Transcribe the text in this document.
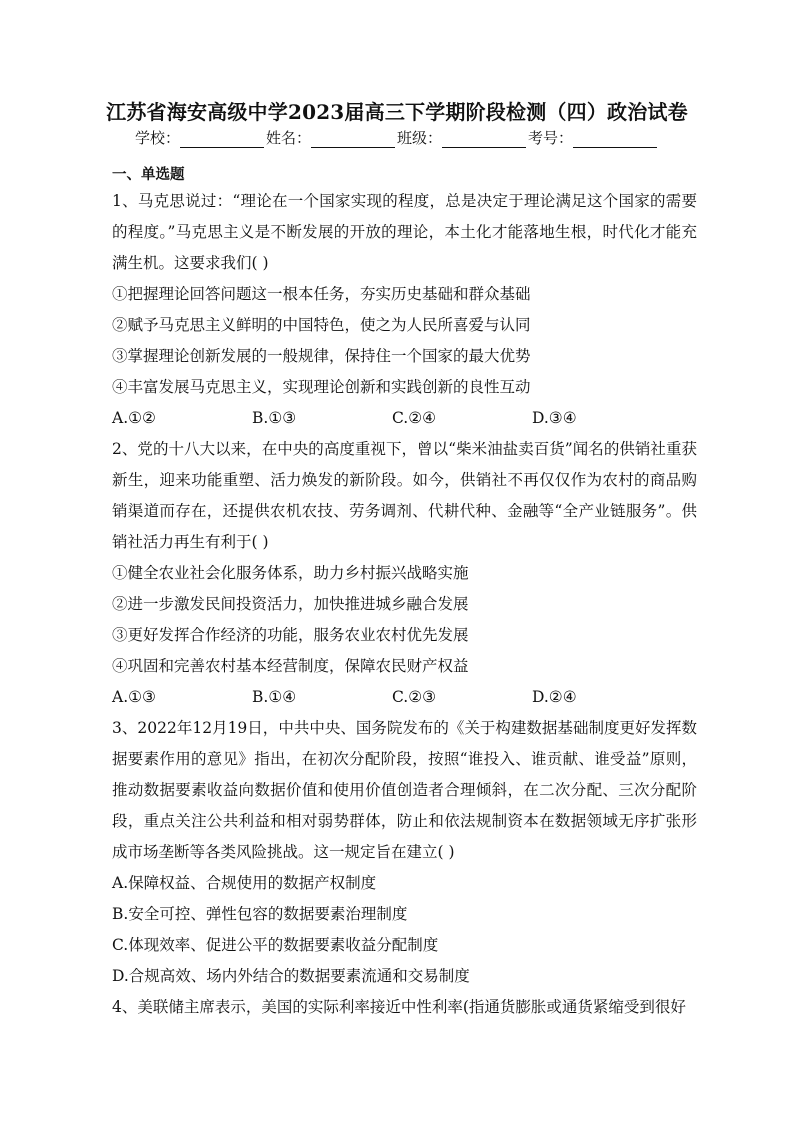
江苏省海安高级中学2023届高三下学期阶段检测（四）政治试卷
学校：	姓名：	班级：	考号：

一、单选题

1、马克思说过：“理论在一个国家实现的程度，总是决定于理论满足这个国家的需要的程度。”马克思主义是不断发展的开放的理论，本土化才能落地生根，时代化才能充满生机。这要求我们( )

①把握理论回答问题这一根本任务，夯实历史基础和群众基础

②赋予马克思主义鲜明的中国特色，使之为人民所喜爱与认同

③掌握理论创新发展的一般规律，保持住一个国家的最大优势

④丰富发展马克思主义，实现理论创新和实践创新的良性互动

A.①②	B.①③	C.②④	D.③④

2、党的十八大以来，在中央的高度重视下，曾以“柴米油盐卖百货”闻名的供销社重获新生，迎来功能重塑、活力焕发的新阶段。如今，供销社不再仅仅作为农村的商品购销渠道而存在，还提供农机农技、劳务调剂、代耕代种、金融等“全产业链服务”。供销社活力再生有利于( )

①健全农业社会化服务体系，助力乡村振兴战略实施

②进一步激发民间投资活力，加快推进城乡融合发展

③更好发挥合作经济的功能，服务农业农村优先发展

④巩固和完善农村基本经营制度，保障农民财产权益

A.①③	B.①④	C.②③	D.②④

3、2022年12月19日，中共中央、国务院发布的《关于构建数据基础制度更好发挥数据要素作用的意见》指出，在初次分配阶段，按照“谁投入、谁贡献、谁受益”原则，推动数据要素收益向数据价值和使用价值创造者合理倾斜，在二次分配、三次分配阶段，重点关注公共利益和相对弱势群体，防止和依法规制资本在数据领域无序扩张形成市场垄断等各类风险挑战。这一规定旨在建立( )

A.保障权益、合规使用的数据产权制度

B.安全可控、弹性包容的数据要素治理制度

C.体现效率、促进公平的数据要素收益分配制度

D.合规高效、场内外结合的数据要素流通和交易制度

4、美联储主席表示，美国的实际利率接近中性利率(指通货膨胀或通货紧缩受到很好
